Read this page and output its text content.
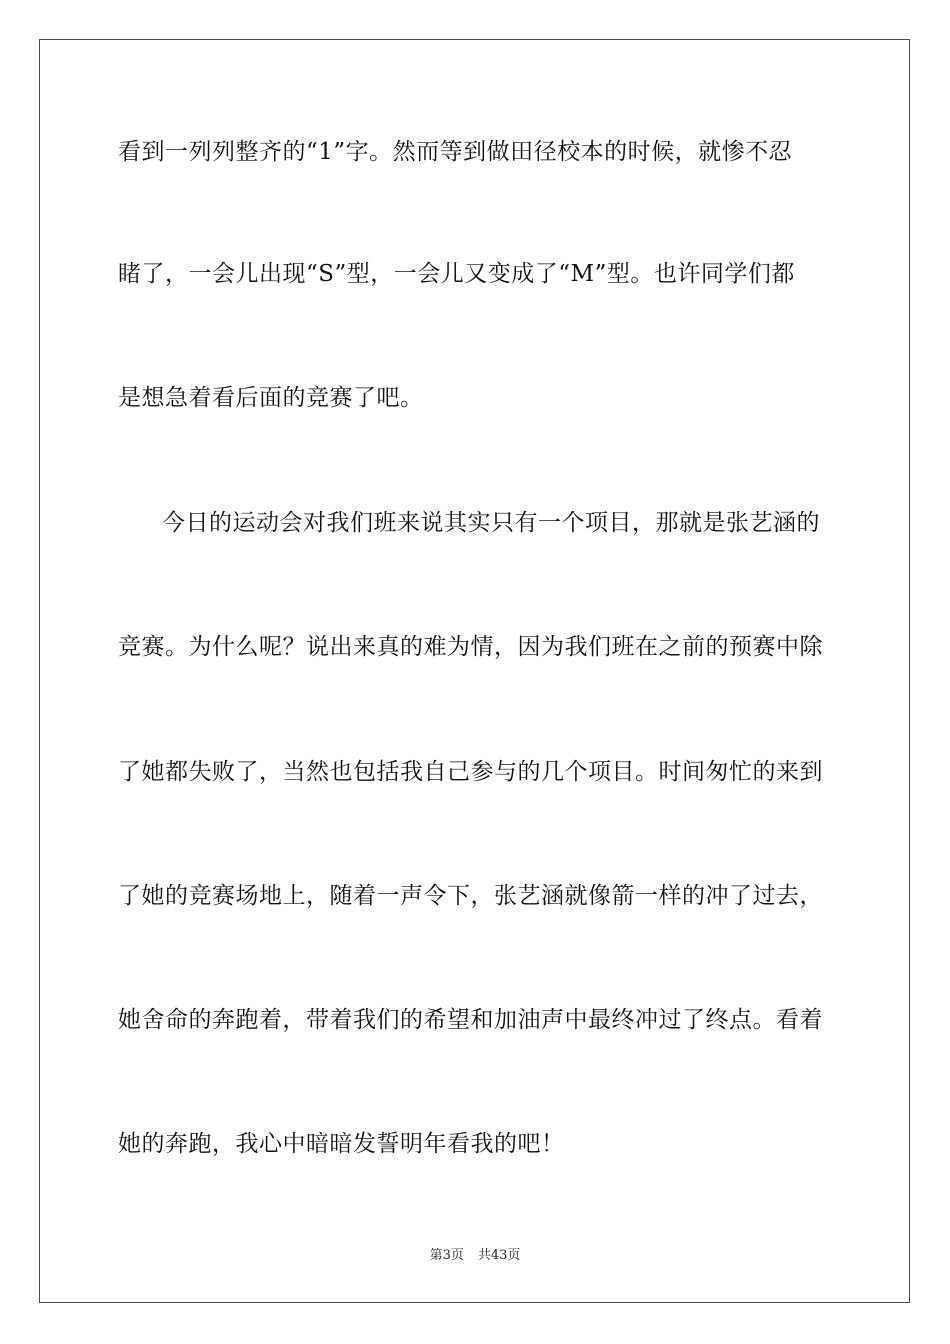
看到一列列整齐的“1”字。然而等到做田径校本的时候，就惨不忍
睹了，一会儿出现“S”型，一会儿又变成了“M”型。也许同学们都
是想急着看后面的竞赛了吧。
今日的运动会对我们班来说其实只有一个项目，那就是张艺涵的
竞赛。为什么呢？说出来真的难为情，因为我们班在之前的预赛中除
了她都失败了，当然也包括我自己参与的几个项目。时间匆忙的来到
了她的竞赛场地上，随着一声令下，张艺涵就像箭一样的冲了过去，
她舍命的奔跑着，带着我们的希望和加油声中最终冲过了终点。看着
她的奔跑，我心中暗暗发誓明年看我的吧！
第3页 共43页
